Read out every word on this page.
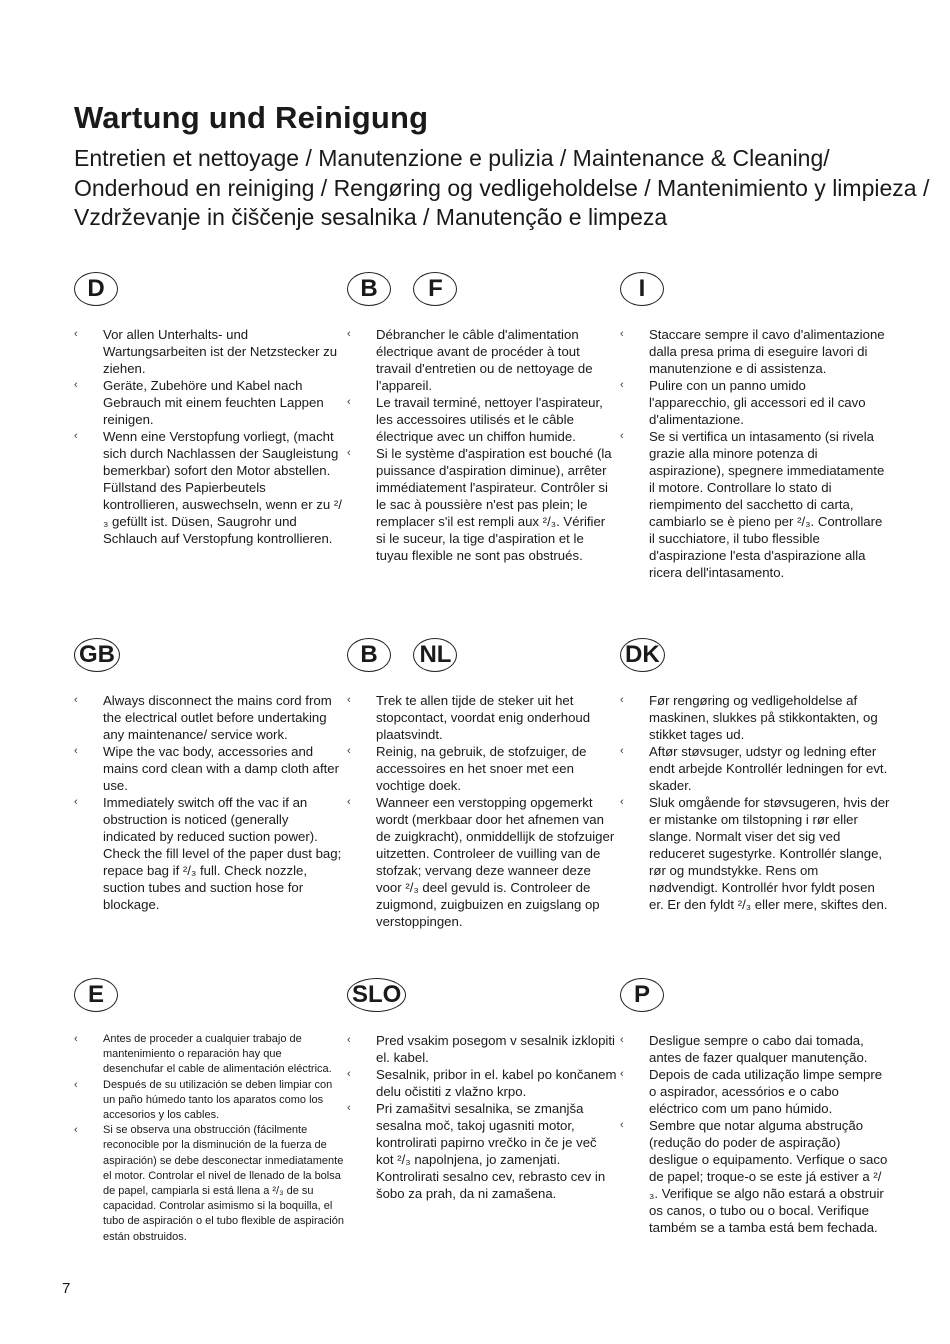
Wartung und Reinigung
Entretien et nettoyage / Manutenzione e pulizia / Maintenance & Cleaning/ Onderhoud en reiniging / Rengøring og vedligeholdelse / Mantenimiento y limpieza / Vzdrževanje in čiščenje sesalnika / Manutenção e limpeza
D
‹ Vor allen Unterhalts- und Wartungsarbeiten ist der Netzstecker zu ziehen.
‹ Geräte, Zubehöre und Kabel nach Gebrauch mit einem feuchten Lappen reinigen.
‹ Wenn eine Verstopfung vorliegt, (macht sich durch Nachlassen der Saugleistung bemerkbar) sofort den Motor abstellen. Füllstand des Papierbeutels kontrollieren, auswechseln, wenn er zu ²/₃ gefüllt ist. Düsen, Saugrohr und Schlauch auf Verstopfung kontrollieren.
B F
‹ Débrancher le câble d'alimentation électrique avant de procéder à tout travail d'entretien ou de nettoyage de l'appareil.
‹ Le travail terminé, nettoyer l'aspirateur, les accessoires utilisés et le câble électrique avec un chiffon humide.
‹ Si le système d'aspiration est bouché (la puissance d'aspiration diminue), arrêter immédiatement l'aspirateur. Contrôler si le sac à poussière n'est pas plein; le remplacer s'il est rempli aux ²/₃. Vérifier si le suceur, la tige d'aspiration et le tuyau flexible ne sont pas obstrués.
I
‹ Staccare sempre il cavo d'alimentazione dalla presa prima di eseguire lavori di manutenzione e di assistenza.
‹ Pulire con un panno umido l'apparecchio, gli accessori ed il cavo d'alimentazione.
‹ Se si vertifica un intasamento (si rivela grazie alla minore potenza di aspirazione), spegnere immediatamente il motore. Controllare lo stato di riempimento del sacchetto di carta, cambiarlo se è pieno per ²/₃. Controllare il succhiatore, il tubo flessible d'aspirazione l'esta d'aspirazione alla ricera dell'intasamento.
GB
‹ Always disconnect the mains cord from the electrical outlet before undertaking any maintenance/ service work.
‹ Wipe the vac body, accessories and mains cord clean with a damp cloth after use.
‹ Immediately switch off the vac if an obstruction is noticed (generally indicated by reduced suction power). Check the fill level of the paper dust bag; repace bag if ²/₃ full. Check nozzle, suction tubes and suction hose for blockage.
B NL
‹ Trek te allen tijde de steker uit het stopcontact, voordat enig onderhoud plaatsvindt.
‹ Reinig, na gebruik, de stofzuiger, de accessoires en het snoer met een vochtige doek.
‹ Wanneer een verstopping opgemerkt wordt (merkbaar door het afnemen van de zuigkracht), onmiddellijk de stofzuiger uitzetten. Controleer de vuilling van de stofzak; vervang deze wanneer deze voor ²/₃ deel gevuld is. Controleer de zuigmond, zuigbuizen en zuigslang op verstoppingen.
DK
‹ Før rengøring og vedligeholdelse af maskinen, slukkes på stikkontakten, og stikket tages ud.
‹ Aftør støvsuger, udstyr og ledning efter endt arbejde Kontrollér ledningen for evt. skader.
‹ Sluk omgående for støvsugeren, hvis der er mistanke om tilstopning i rør eller slange. Normalt viser det sig ved reduceret sugestyrke. Kontrollér slange, rør og mundstykke. Rens om nødvendigt. Kontrollér hvor fyldt posen er. Er den fyldt ²/₃ eller mere, skiftes den.
E
‹ Antes de proceder a cualquier trabajo de mantenimiento o reparación hay que desenchufar el cable de alimentación eléctrica.
‹ Después de su utilización se deben limpiar con un paño húmedo tanto los aparatos como los accesorios y los cables.
‹ Si se observa una obstrucción (fácilmente reconocible por la disminución de la fuerza de aspiración) se debe desconectar inmediatamente el motor. Controlar el nivel de llenado de la bolsa de papel, campiarla si está llena a ²/₃ de su capacidad. Controlar asimismo si la boquilla, el tubo de aspiración o el tubo flexible de aspiración están obstruidos.
SLO
‹ Pred vsakim posegom v sesalnik izklopiti el. kabel.
‹ Sesalnik, pribor in el. kabel po končanem delu očistiti z vlažno krpo.
‹ Pri zamašitvi sesalnika, se zmanjša sesalna moč, takoj ugasniti motor, kontrolirati papirno vrečko in če je več kot ²/₃ napolnjena, jo zamenjati. Kontrolirati sesalno cev, rebrasto cev in šobo za prah, da ni zamašena.
P
‹ Desligue sempre o cabo dai tomada, antes de fazer qualquer manutenção.
‹ Depois de cada utilização limpe sempre o aspirador, acessórios e o cabo eléctrico com um pano húmido.
‹ Sembre que notar alguma abstrução (redução do poder de aspiração) desligue o equipamento. Verfique o saco de papel; troque-o se este já estiver a ²/₃. Verifique se algo não estará a obstruir os canos, o tubo ou o bocal. Verifique também se a tamba está bem fechada.
7
